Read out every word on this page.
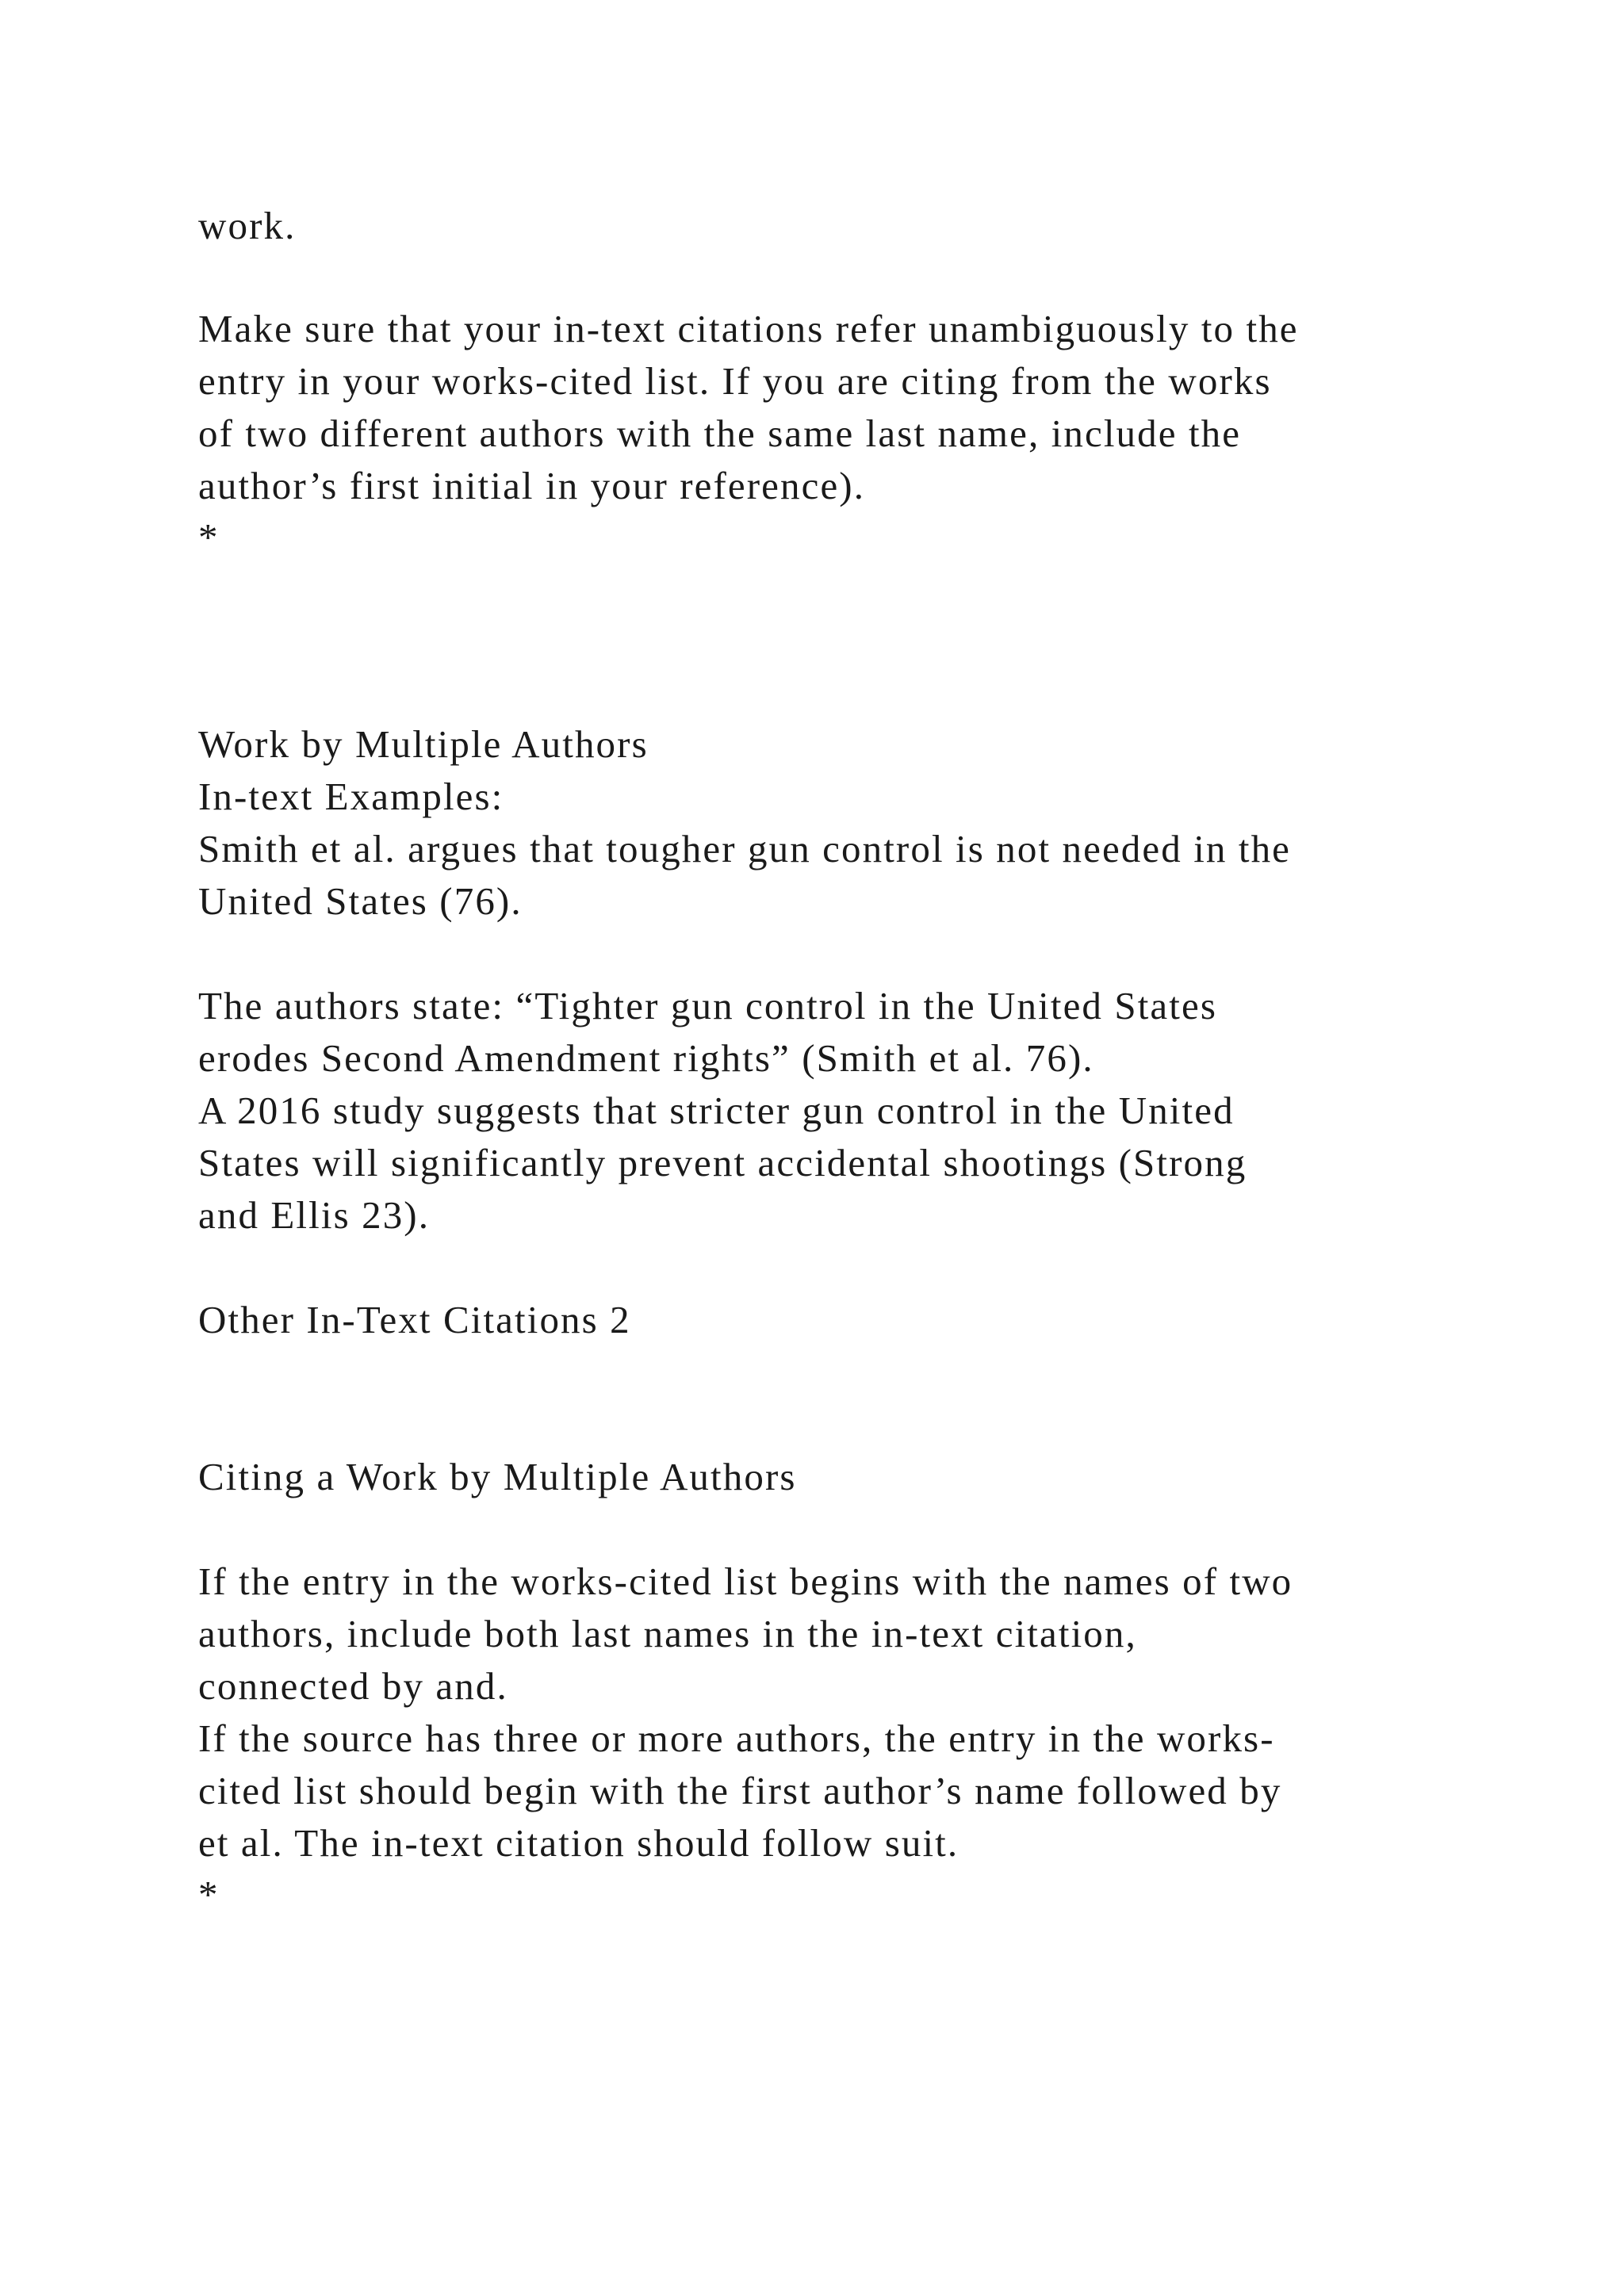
work.

Make sure that your in-text citations refer unambiguously to the

entry in your works-cited list. If you are citing from the works

of two different authors with the same last name, include the

author’s first initial in your reference).

*

Work by Multiple Authors

In-text Examples:

Smith et al. argues that tougher gun control is not needed in the

United States (76).

The authors state: “Tighter gun control in the United States

erodes Second Amendment rights” (Smith et al. 76).

A 2016 study suggests that stricter gun control in the United

States will significantly prevent accidental shootings (Strong

and Ellis 23).

Other In-Text Citations 2

Citing a Work by Multiple Authors

If the entry in the works-cited list begins with the names of two

authors, include both last names in the in-text citation,

connected by and.

If the source has three or more authors, the entry in the works-

cited list should begin with the first author’s name followed by

et al. The in-text citation should follow suit.

*
